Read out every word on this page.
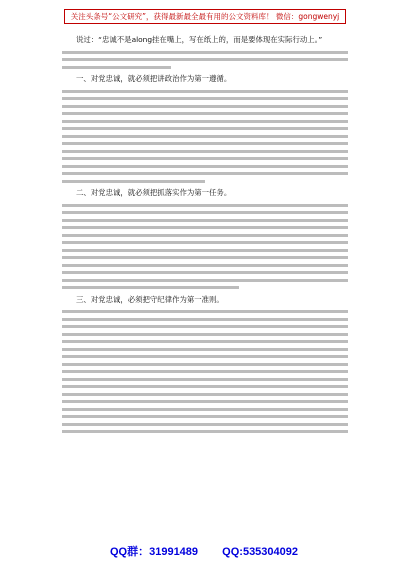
关注头条号“公文研究”，获得最新最全最有用的公文资料库！ 微信：gongwenyj
说过：“忠诚不是along挂在嘴上，写在纸上的，而是要体现在实际行动上。”
一、对党忠诚，就必须把讲政治作为第一遵循。
二、对党忠诚，就必须把抓落实作为第一任务。
三、对党忠诚，必须把守纪律作为第一准则。
QQ群：31991489 QQ:535304092
